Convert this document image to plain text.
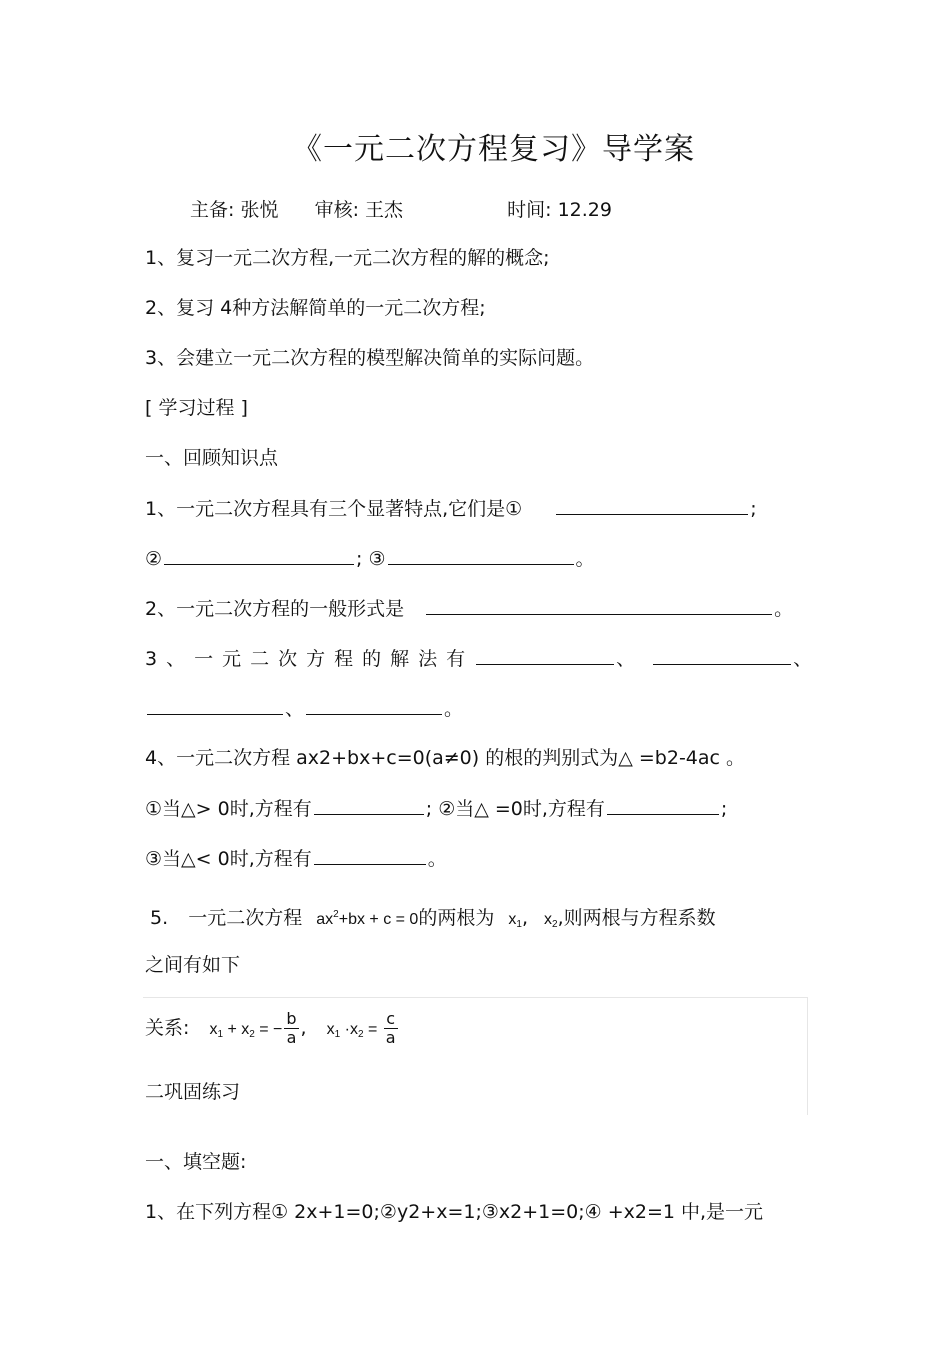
《一元二次方程复习》导学案
主备: 张悦 审核: 王杰	时间: 12.29
1、复习一元二次方程,一元二次方程的解的概念;
2、复习 4种方法解简单的一元二次方程;
3、会建立一元二次方程的模型解决简单的实际问题。
[ 学习过程 ]
一、回顾知识点
1、一元二次方程具有三个显著特点,它们是①	;
②	; ③	。
2、一元二次方程的一般形式是	。
3、一元二次方程的解法有	、	、
、	。
4、一元二次方程 ax2+bx+c=0(a≠0) 的根的判别式为△ =b2-4ac 。
①当△> 0时,方程有	; ②当△ =0时,方程有	;
③当△< 0时,方程有	。
5. 一元二次方程 $ax^2+bx + c = 0$的两根为 $x_1$, $x_2$,则两根与方程系数
之间有如下
关系: $x_1 + x_2$ = − $\frac{b}{a}$ , $x_1 \cdot x_2 = \frac{c}{a}$
二巩固练习
一、填空题:
1、在下列方程① 2x+1=0;②y2+x=1;③x2+1=0;④ +x2=1 中,是一元
